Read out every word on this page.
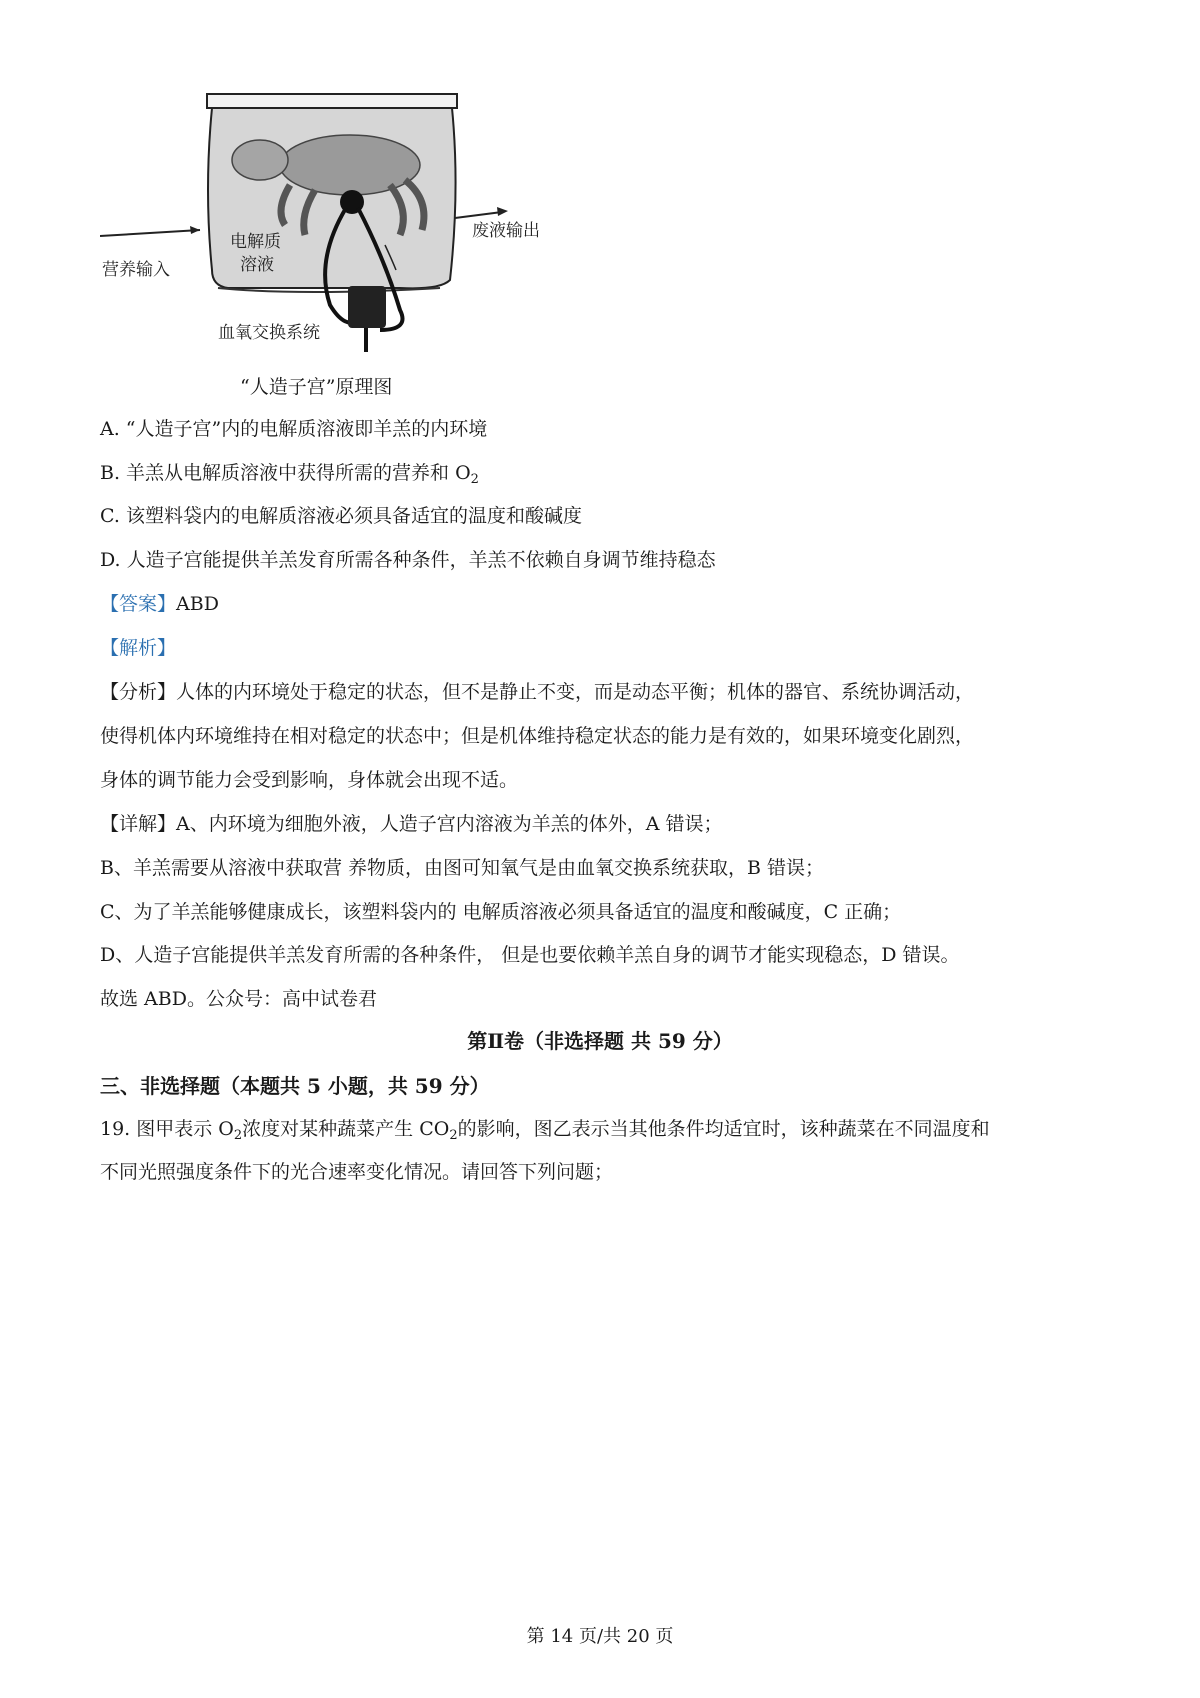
营养输入
电解质
溶液
废液输出
血氧交换系统
“人造子宫”原理图
A. “人造子宫”内的电解质溶液即羊羔的内环境
B. 羊羔从电解质溶液中获得所需的营养和 $O_2$
C. 该塑料袋内的电解质溶液必须具备适宜的温度和酸碱度
D. 人造子宫能提供羊羔发育所需各种条件，羊羔不依赖自身调节维持稳态
【答案】ABD
【解析】
【分析】人体的内环境处于稳定的状态，但不是静止不变，而是动态平衡；机体的器官、系统协调活动，
使得机体内环境维持在相对稳定的状态中；但是机体维持稳定状态的能力是有效的，如果环境变化剧烈，
身体的调节能力会受到影响，身体就会出现不适。
【详解】A、内环境为细胞外液，人造子宫内溶液为羊羔的体外，A 错误；
B、羊羔需要从溶液中获取营 养物质，由图可知氧气是由血氧交换系统获取，B 错误；
C、为了羊羔能够健康成长，该塑料袋内的 电解质溶液必须具备适宜的温度和酸碱度，C 正确；
D、人造子宫能提供羊羔发育所需的各种条件， 但是也要依赖羊羔自身的调节才能实现稳态，D 错误。
故选 ABD。公众号：高中试卷君
第Ⅱ卷（非选择题 共 59 分）
三、非选择题（本题共 5 小题，共 59 分）
19. 图甲表示 $O_2$浓度对某种蔬菜产生 $CO_2$的影响，图乙表示当其他条件均适宜时，该种蔬菜在不同温度和
不同光照强度条件下的光合速率变化情况。请回答下列问题；
第 14 页/共 20 页
